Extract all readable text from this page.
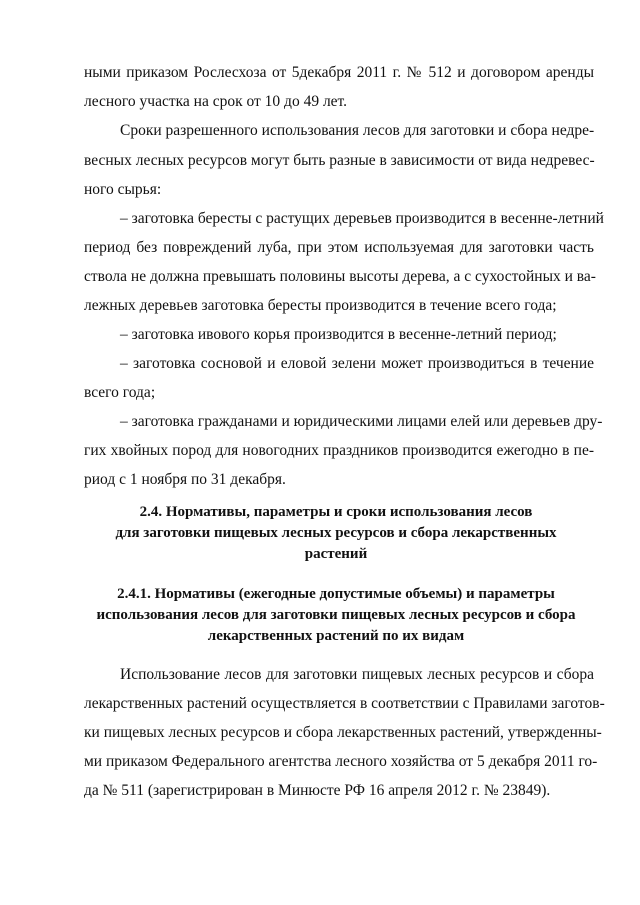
ными приказом Рослесхоза от 5декабря 2011 г. № 512 и договором аренды
лесного участка на срок от 10 до 49 лет.
Сроки разрешенного использования лесов для заготовки и сбора недре-
весных лесных ресурсов могут быть разные в зависимости от вида недревес-
ного сырья:
– заготовка бересты с растущих деревьев производится в весенне-летний
период без повреждений луба, при этом используемая для заготовки часть
ствола не должна превышать половины высоты дерева, а с сухостойных и ва-
лежных деревьев заготовка бересты производится в течение всего года;
– заготовка ивового корья производится в весенне-летний период;
– заготовка сосновой и еловой зелени может производиться в течение
всего года;
– заготовка гражданами и юридическими лицами елей или деревьев дру-
гих хвойных пород для новогодних праздников производится ежегодно в пе-
риод с 1 ноября по 31 декабря.
2.4. Нормативы, параметры и сроки использования лесов
для заготовки пищевых лесных ресурсов и сбора лекарственных
растений
2.4.1. Нормативы (ежегодные допустимые объемы) и параметры
использования лесов для заготовки пищевых лесных ресурсов и сбора
лекарственных растений по их видам
Использование лесов для заготовки пищевых лесных ресурсов и сбора
лекарственных растений осуществляется в соответствии с Правилами заготов-
ки пищевых лесных ресурсов и сбора лекарственных растений, утвержденны-
ми приказом Федерального агентства лесного хозяйства от 5 декабря 2011 го-
да № 511 (зарегистрирован в Минюсте РФ 16 апреля 2012 г. № 23849).
